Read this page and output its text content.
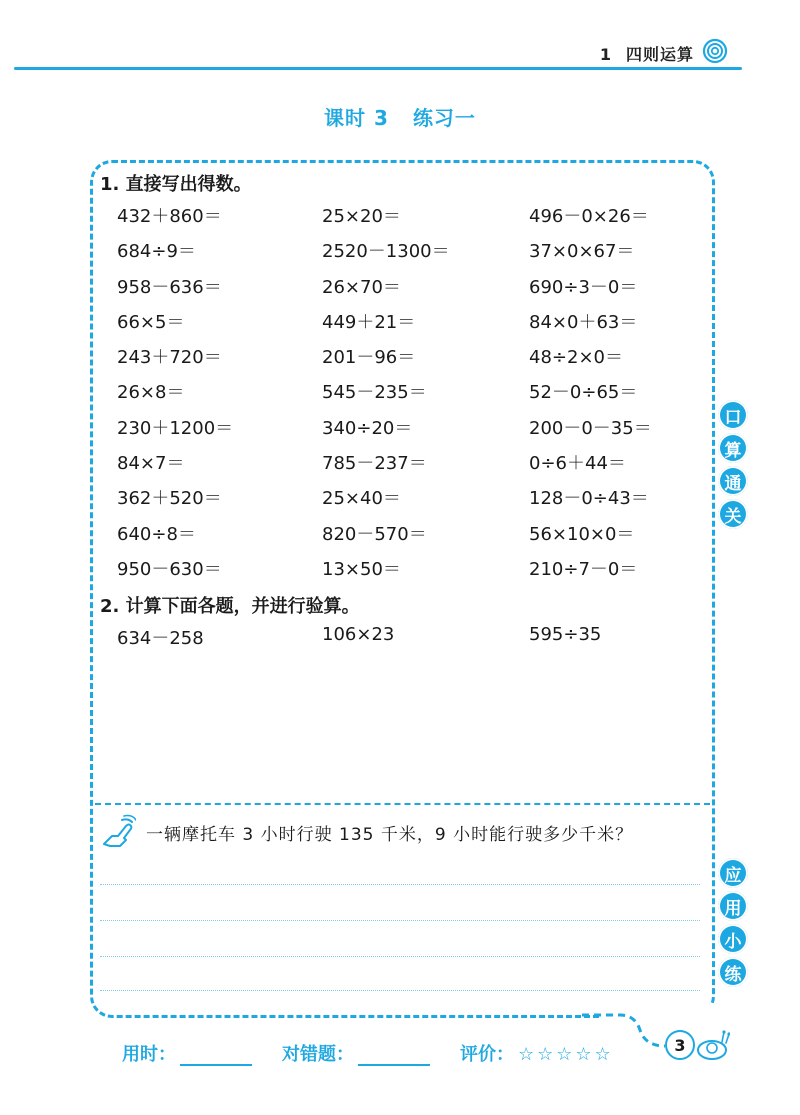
1 四则运算
课时 3 练习一
1. 直接写出得数。
432＋860＝	25×20＝	496－0×26＝
684÷9＝	2520－1300＝	37×0×67＝
958－636＝	26×70＝	690÷3－0＝
66×5＝	449＋21＝	84×0＋63＝
243＋720＝	201－96＝	48÷2×0＝
26×8＝	545－235＝	52－0÷65＝
230＋1200＝	340÷20＝	200－0－35＝
84×7＝	785－237＝	0÷6＋44＝
362＋520＝	25×40＝	128－0÷43＝
640÷8＝	820－570＝	56×10×0＝
950－630＝	13×50＝	210÷7－0＝
2. 计算下面各题，并进行验算。
634－258	106×23	595÷35
一辆摩托车 3 小时行驶 135 千米，9 小时能行驶多少千米？
口
算
通
关
应
用
小
练
用时：	对错题：	评价： ☆☆☆☆☆	3
